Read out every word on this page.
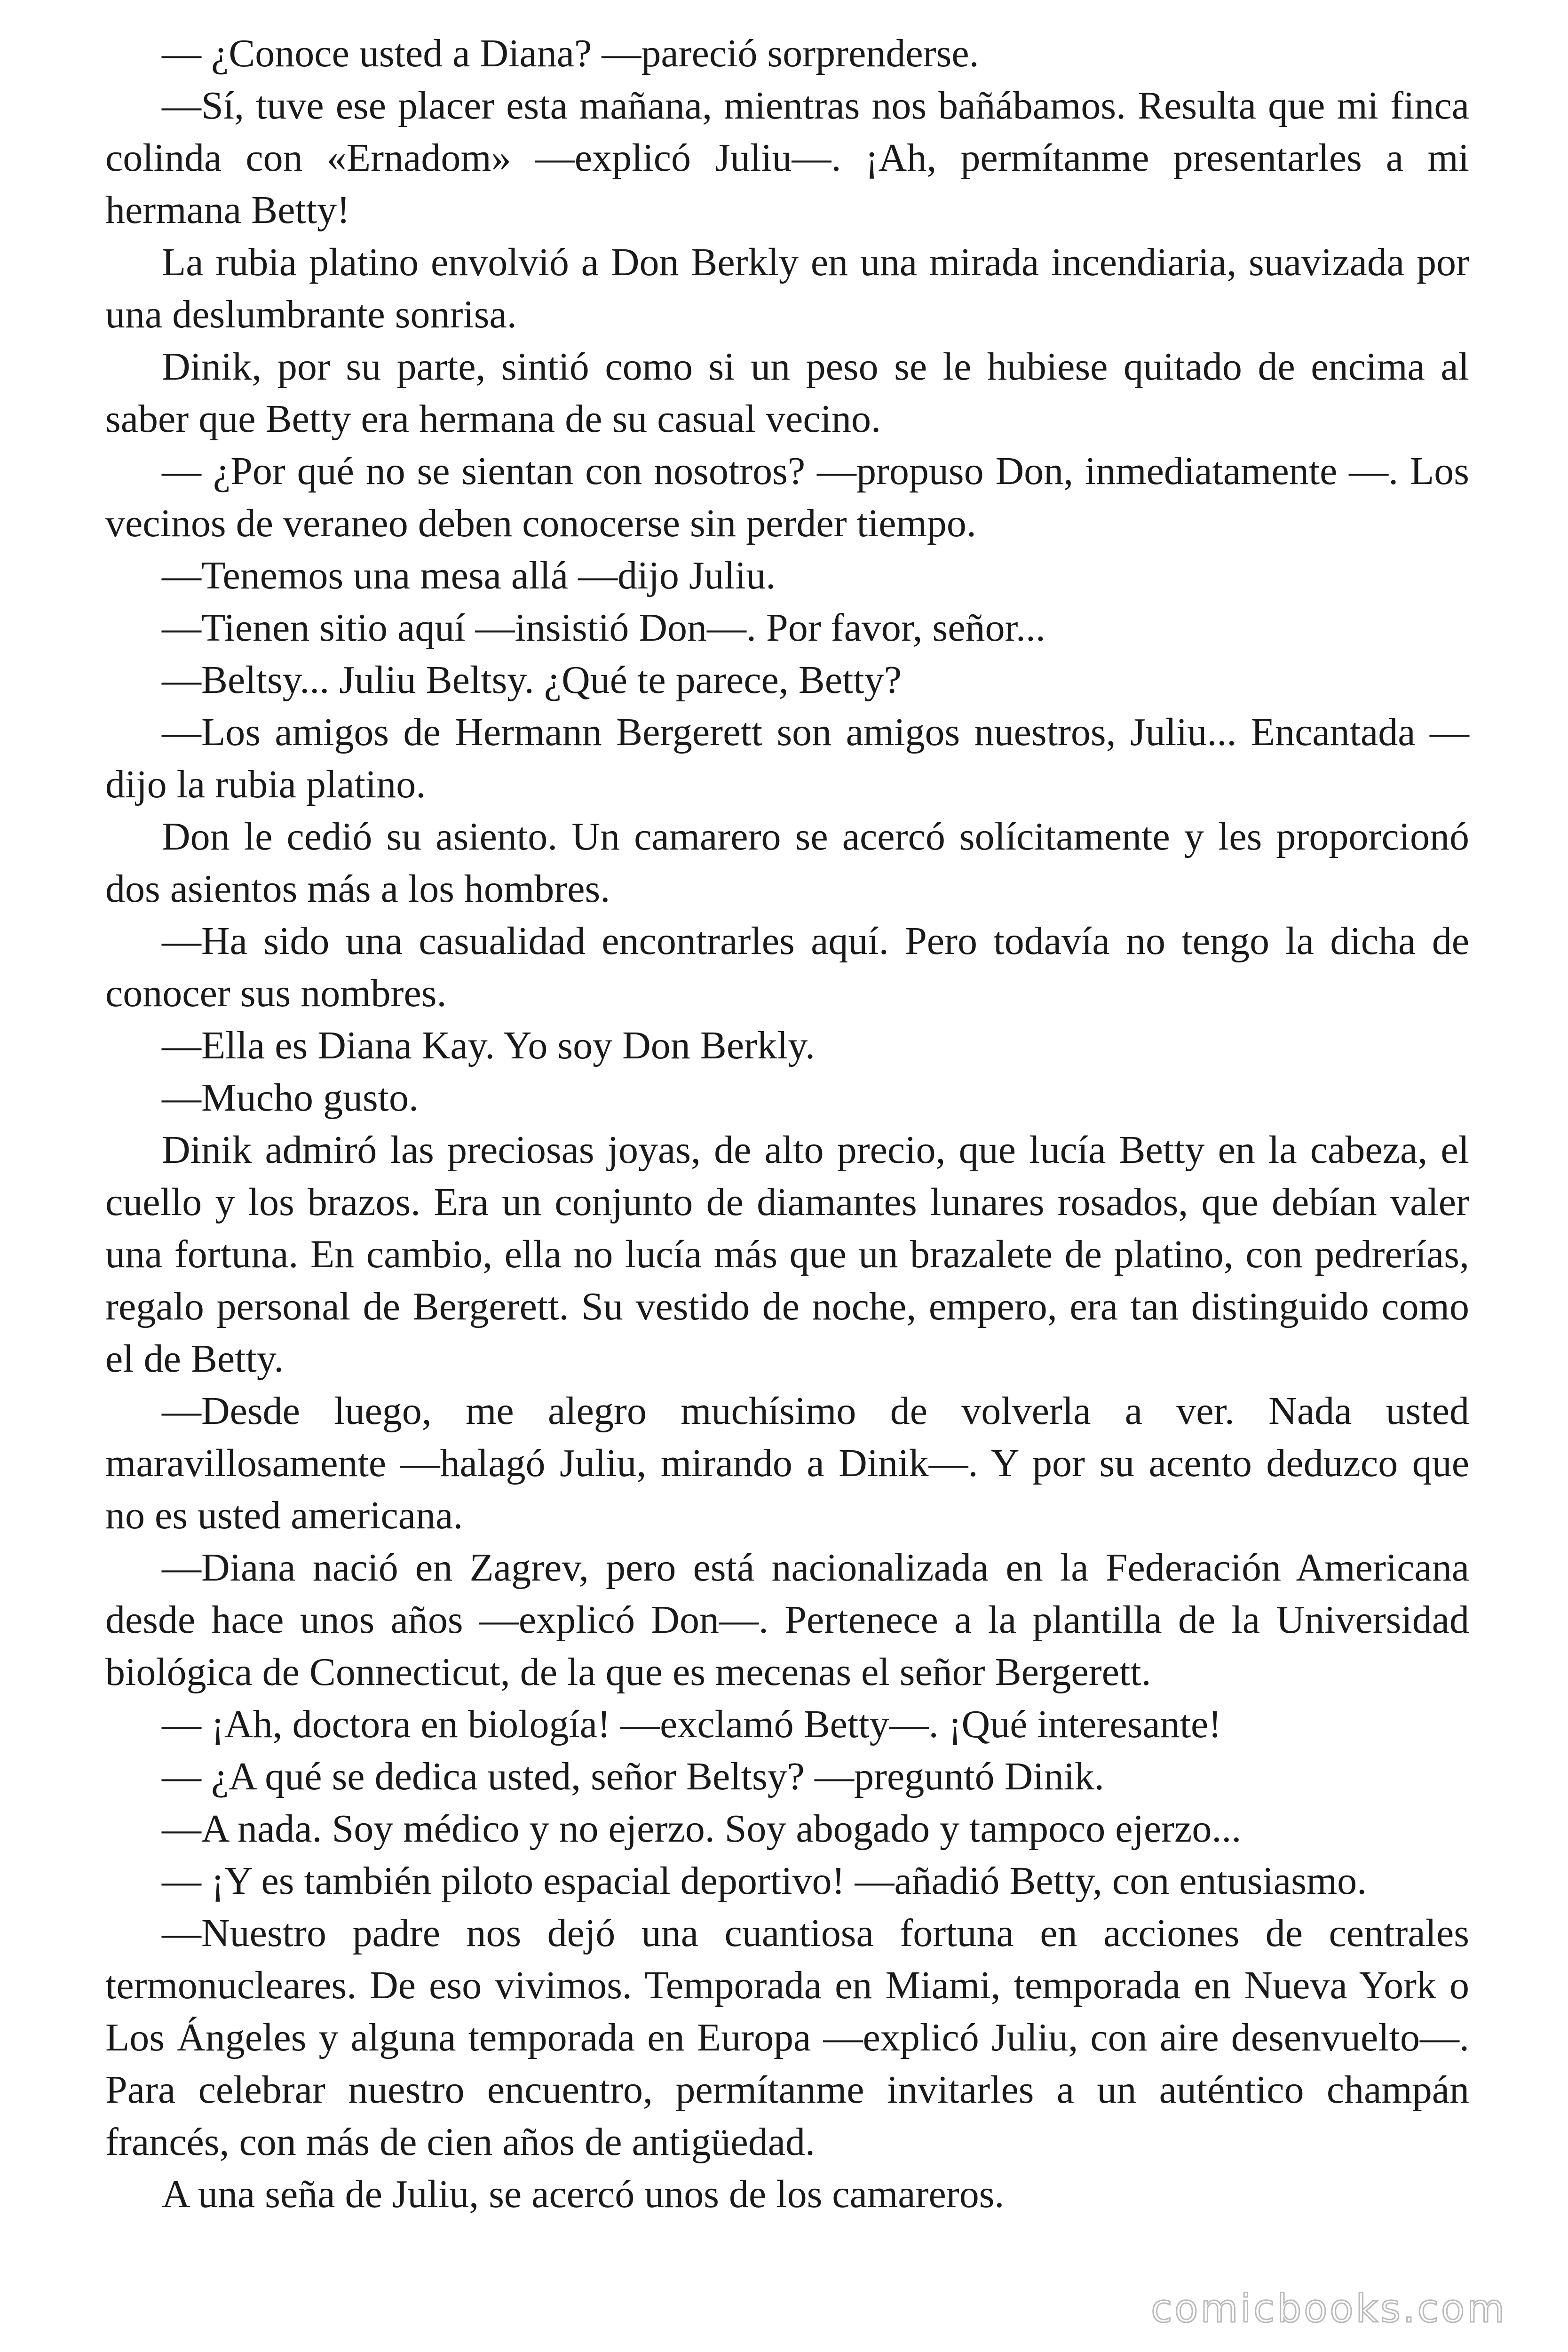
— ¿Conoce usted a Diana? —pareció sorprenderse.

—Sí, tuve ese placer esta mañana, mientras nos bañábamos. Resulta que mi finca colinda con «Ernadom» —explicó Juliu—. ¡Ah, permítanme presentarles a mi hermana Betty!

La rubia platino envolvió a Don Berkly en una mirada incendiaria, suavizada por una deslumbrante sonrisa.

Dinik, por su parte, sintió como si un peso se le hubiese quitado de encima al saber que Betty era hermana de su casual vecino.

— ¿Por qué no se sientan con nosotros? —propuso Don, inmediatamente —. Los vecinos de veraneo deben conocerse sin perder tiempo.

—Tenemos una mesa allá —dijo Juliu.

—Tienen sitio aquí —insistió Don—. Por favor, señor...

—Beltsy... Juliu Beltsy. ¿Qué te parece, Betty?

—Los amigos de Hermann Bergerett son amigos nuestros, Juliu... Encantada —dijo la rubia platino.

Don le cedió su asiento. Un camarero se acercó solícitamente y les proporcionó dos asientos más a los hombres.

—Ha sido una casualidad encontrarles aquí. Pero todavía no tengo la dicha de conocer sus nombres.

—Ella es Diana Kay. Yo soy Don Berkly.

—Mucho gusto.

Dinik admiró las preciosas joyas, de alto precio, que lucía Betty en la cabeza, el cuello y los brazos. Era un conjunto de diamantes lunares rosados, que debían valer una fortuna. En cambio, ella no lucía más que un brazalete de platino, con pedrerías, regalo personal de Bergerett. Su vestido de noche, empero, era tan distinguido como el de Betty.

—Desde luego, me alegro muchísimo de volverla a ver. Nada usted maravillosamente —halagó Juliu, mirando a Dinik—. Y por su acento deduzco que no es usted americana.

—Diana nació en Zagrev, pero está nacionalizada en la Federación Americana desde hace unos años —explicó Don—. Pertenece a la plantilla de la Universidad biológica de Connecticut, de la que es mecenas el señor Bergerett.

— ¡Ah, doctora en biología! —exclamó Betty—. ¡Qué interesante!

— ¿A qué se dedica usted, señor Beltsy? —preguntó Dinik.

—A nada. Soy médico y no ejerzo. Soy abogado y tampoco ejerzo...

— ¡Y es también piloto espacial deportivo! —añadió Betty, con entusiasmo.

—Nuestro padre nos dejó una cuantiosa fortuna en acciones de centrales termonucleares. De eso vivimos. Temporada en Miami, temporada en Nueva York o Los Ángeles y alguna temporada en Europa —explicó Juliu, con aire desenvuelto—. Para celebrar nuestro encuentro, permítanme invitarles a un auténtico champán francés, con más de cien años de antigüedad.

A una seña de Juliu, se acercó unos de los camareros.

comicbooks.com
